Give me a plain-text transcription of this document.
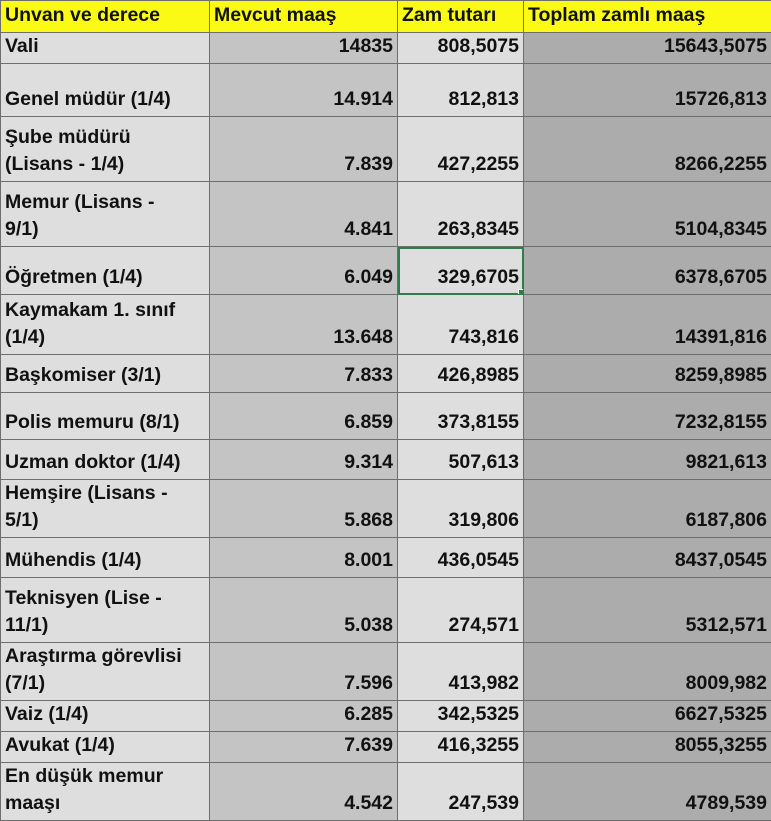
Unvan ve derece	Mevcut maaş	Zam tutarı	Toplam zamlı maaş
Vali	14835	808,5075	15643,5075
Genel müdür (1/4)	14.914	812,813	15726,813
Şube müdürü
(Lisans - 1/4)	7.839	427,2255	8266,2255
Memur (Lisans -
9/1)	4.841	263,8345	5104,8345
Öğretmen (1/4)	6.049	329,6705	6378,6705
Kaymakam 1. sınıf
(1/4)	13.648	743,816	14391,816
Başkomiser (3/1)	7.833	426,8985	8259,8985
Polis memuru (8/1)	6.859	373,8155	7232,8155
Uzman doktor (1/4)	9.314	507,613	9821,613
Hemşire (Lisans -
5/1)	5.868	319,806	6187,806
Mühendis (1/4)	8.001	436,0545	8437,0545
Teknisyen (Lise -
11/1)	5.038	274,571	5312,571
Araştırma görevlisi
(7/1)	7.596	413,982	8009,982
Vaiz (1/4)	6.285	342,5325	6627,5325
Avukat (1/4)	7.639	416,3255	8055,3255
En düşük memur
maaşı	4.542	247,539	4789,539
